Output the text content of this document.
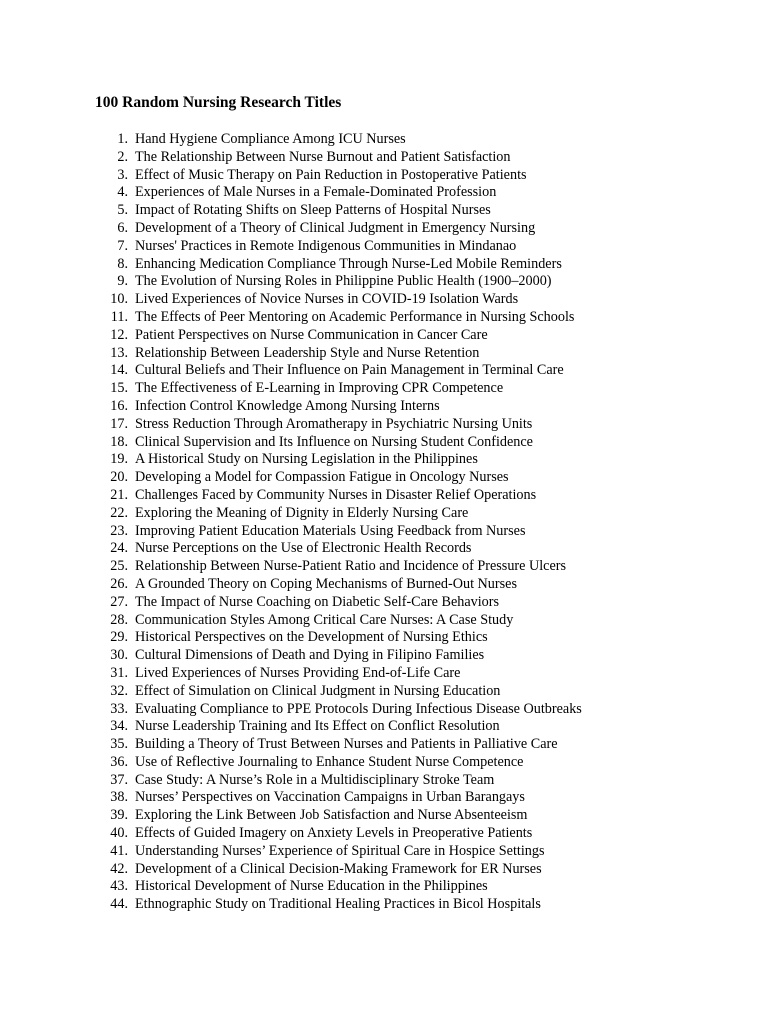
100 Random Nursing Research Titles
1. Hand Hygiene Compliance Among ICU Nurses
2. The Relationship Between Nurse Burnout and Patient Satisfaction
3. Effect of Music Therapy on Pain Reduction in Postoperative Patients
4. Experiences of Male Nurses in a Female-Dominated Profession
5. Impact of Rotating Shifts on Sleep Patterns of Hospital Nurses
6. Development of a Theory of Clinical Judgment in Emergency Nursing
7. Nurses' Practices in Remote Indigenous Communities in Mindanao
8. Enhancing Medication Compliance Through Nurse-Led Mobile Reminders
9. The Evolution of Nursing Roles in Philippine Public Health (1900–2000)
10. Lived Experiences of Novice Nurses in COVID-19 Isolation Wards
11. The Effects of Peer Mentoring on Academic Performance in Nursing Schools
12. Patient Perspectives on Nurse Communication in Cancer Care
13. Relationship Between Leadership Style and Nurse Retention
14. Cultural Beliefs and Their Influence on Pain Management in Terminal Care
15. The Effectiveness of E-Learning in Improving CPR Competence
16. Infection Control Knowledge Among Nursing Interns
17. Stress Reduction Through Aromatherapy in Psychiatric Nursing Units
18. Clinical Supervision and Its Influence on Nursing Student Confidence
19. A Historical Study on Nursing Legislation in the Philippines
20. Developing a Model for Compassion Fatigue in Oncology Nurses
21. Challenges Faced by Community Nurses in Disaster Relief Operations
22. Exploring the Meaning of Dignity in Elderly Nursing Care
23. Improving Patient Education Materials Using Feedback from Nurses
24. Nurse Perceptions on the Use of Electronic Health Records
25. Relationship Between Nurse-Patient Ratio and Incidence of Pressure Ulcers
26. A Grounded Theory on Coping Mechanisms of Burned-Out Nurses
27. The Impact of Nurse Coaching on Diabetic Self-Care Behaviors
28. Communication Styles Among Critical Care Nurses: A Case Study
29. Historical Perspectives on the Development of Nursing Ethics
30. Cultural Dimensions of Death and Dying in Filipino Families
31. Lived Experiences of Nurses Providing End-of-Life Care
32. Effect of Simulation on Clinical Judgment in Nursing Education
33. Evaluating Compliance to PPE Protocols During Infectious Disease Outbreaks
34. Nurse Leadership Training and Its Effect on Conflict Resolution
35. Building a Theory of Trust Between Nurses and Patients in Palliative Care
36. Use of Reflective Journaling to Enhance Student Nurse Competence
37. Case Study: A Nurse’s Role in a Multidisciplinary Stroke Team
38. Nurses’ Perspectives on Vaccination Campaigns in Urban Barangays
39. Exploring the Link Between Job Satisfaction and Nurse Absenteeism
40. Effects of Guided Imagery on Anxiety Levels in Preoperative Patients
41. Understanding Nurses’ Experience of Spiritual Care in Hospice Settings
42. Development of a Clinical Decision-Making Framework for ER Nurses
43. Historical Development of Nurse Education in the Philippines
44. Ethnographic Study on Traditional Healing Practices in Bicol Hospitals
